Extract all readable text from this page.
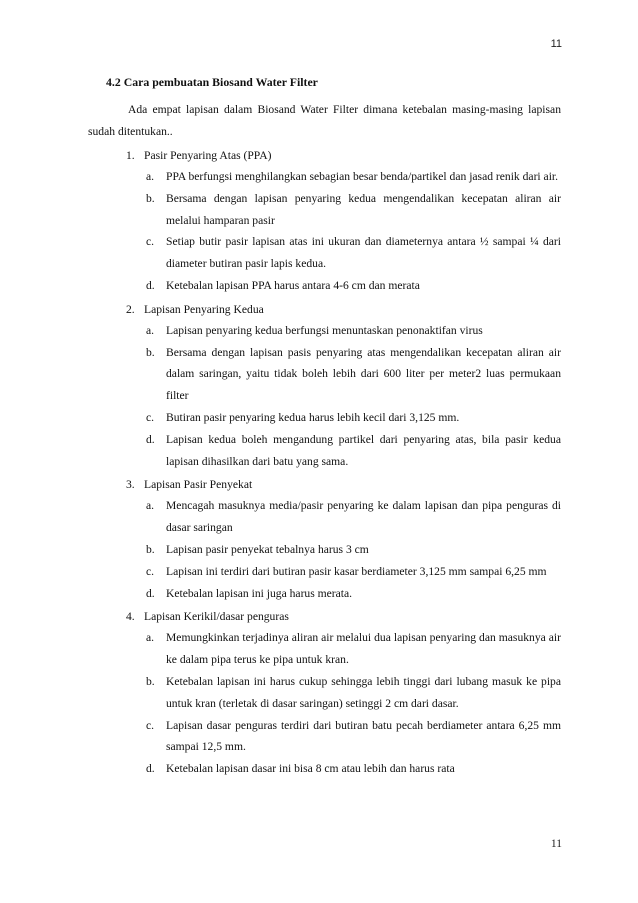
11
4.2 Cara pembuatan Biosand Water Filter

Ada empat lapisan dalam Biosand Water Filter dimana ketebalan masing-masing lapisan sudah ditentukan..

1. Pasir Penyaring Atas (PPA)
a. PPA berfungsi menghilangkan sebagian besar benda/partikel dan jasad renik dari air.
b. Bersama dengan lapisan penyaring kedua mengendalikan kecepatan aliran air melalui hamparan pasir
c. Setiap butir pasir lapisan atas ini ukuran dan diameternya antara ½ sampai ¼ dari diameter butiran pasir lapis kedua.
d. Ketebalan lapisan PPA harus antara 4-6 cm dan merata
2. Lapisan Penyaring Kedua
a. Lapisan penyaring kedua berfungsi menuntaskan penonaktifan virus
b. Bersama dengan lapisan pasis penyaring atas mengendalikan kecepatan aliran air dalam saringan, yaitu tidak boleh lebih dari 600 liter per meter2 luas permukaan filter
c. Butiran pasir penyaring kedua harus lebih kecil dari 3,125 mm.
d. Lapisan kedua boleh mengandung partikel dari penyaring atas, bila pasir kedua lapisan dihasilkan dari batu yang sama.
3. Lapisan Pasir Penyekat
a. Mencagah masuknya media/pasir penyaring ke dalam lapisan dan pipa penguras di dasar saringan
b. Lapisan pasir penyekat tebalnya harus 3 cm
c. Lapisan ini terdiri dari butiran pasir kasar berdiameter 3,125 mm sampai 6,25 mm
d. Ketebalan lapisan ini juga harus merata.
4. Lapisan Kerikil/dasar penguras
a. Memungkinkan terjadinya aliran air melalui dua lapisan penyaring dan masuknya air ke dalam pipa terus ke pipa untuk kran.
b. Ketebalan lapisan ini harus cukup sehingga lebih tinggi dari lubang masuk ke pipa untuk kran (terletak di dasar saringan) setinggi 2 cm dari dasar.
c. Lapisan dasar penguras terdiri dari butiran batu pecah berdiameter antara 6,25 mm sampai 12,5 mm.
d. Ketebalan lapisan dasar ini bisa 8 cm atau lebih dan harus rata
11
